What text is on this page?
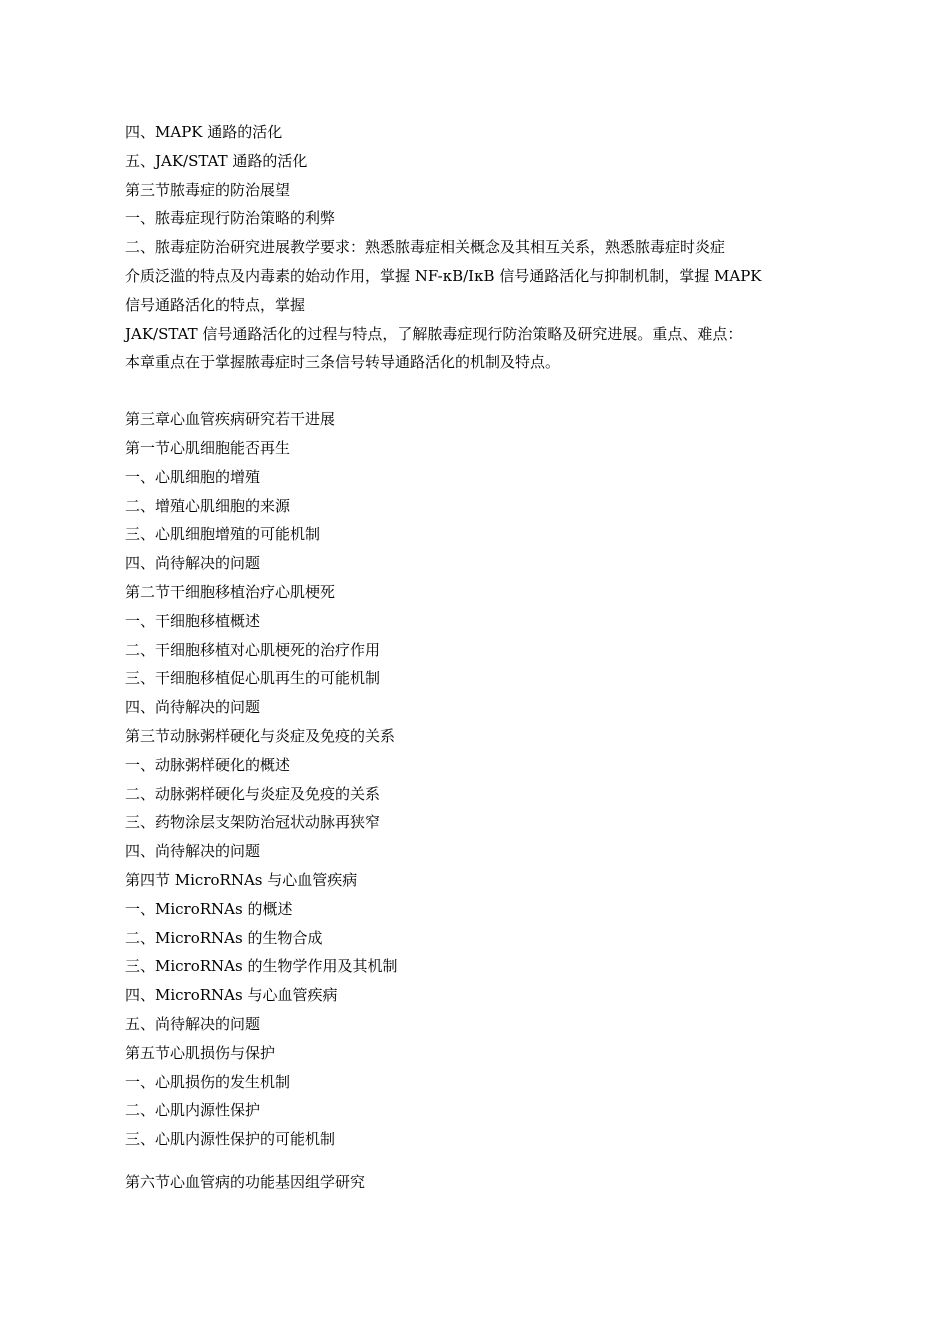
四、MAPK 通路的活化
五、JAK/STAT 通路的活化
第三节脓毒症的防治展望
一、脓毒症现行防治策略的利弊
二、脓毒症防治研究进展教学要求：熟悉脓毒症相关概念及其相互关系，熟悉脓毒症时炎症
介质泛滥的特点及内毒素的始动作用，掌握 NF-κB/IκB 信号通路活化与抑制机制，掌握 MAPK
信号通路活化的特点，掌握
JAK/STAT 信号通路活化的过程与特点，了解脓毒症现行防治策略及研究进展。重点、难点：
本章重点在于掌握脓毒症时三条信号转导通路活化的机制及特点。
第三章心血管疾病研究若干进展
第一节心肌细胞能否再生
一、心肌细胞的增殖
二、增殖心肌细胞的来源
三、心肌细胞增殖的可能机制
四、尚待解决的问题
第二节干细胞移植治疗心肌梗死
一、干细胞移植概述
二、干细胞移植对心肌梗死的治疗作用
三、干细胞移植促心肌再生的可能机制
四、尚待解决的问题
第三节动脉粥样硬化与炎症及免疫的关系
一、动脉粥样硬化的概述
二、动脉粥样硬化与炎症及免疫的关系
三、药物涂层支架防治冠状动脉再狭窄
四、尚待解决的问题
第四节 MicroRNAs 与心血管疾病
一、MicroRNAs 的概述
二、MicroRNAs 的生物合成
三、MicroRNAs 的生物学作用及其机制
四、MicroRNAs 与心血管疾病
五、尚待解决的问题
第五节心肌损伤与保护
一、心肌损伤的发生机制
二、心肌内源性保护
三、心肌内源性保护的可能机制
第六节心血管病的功能基因组学研究
